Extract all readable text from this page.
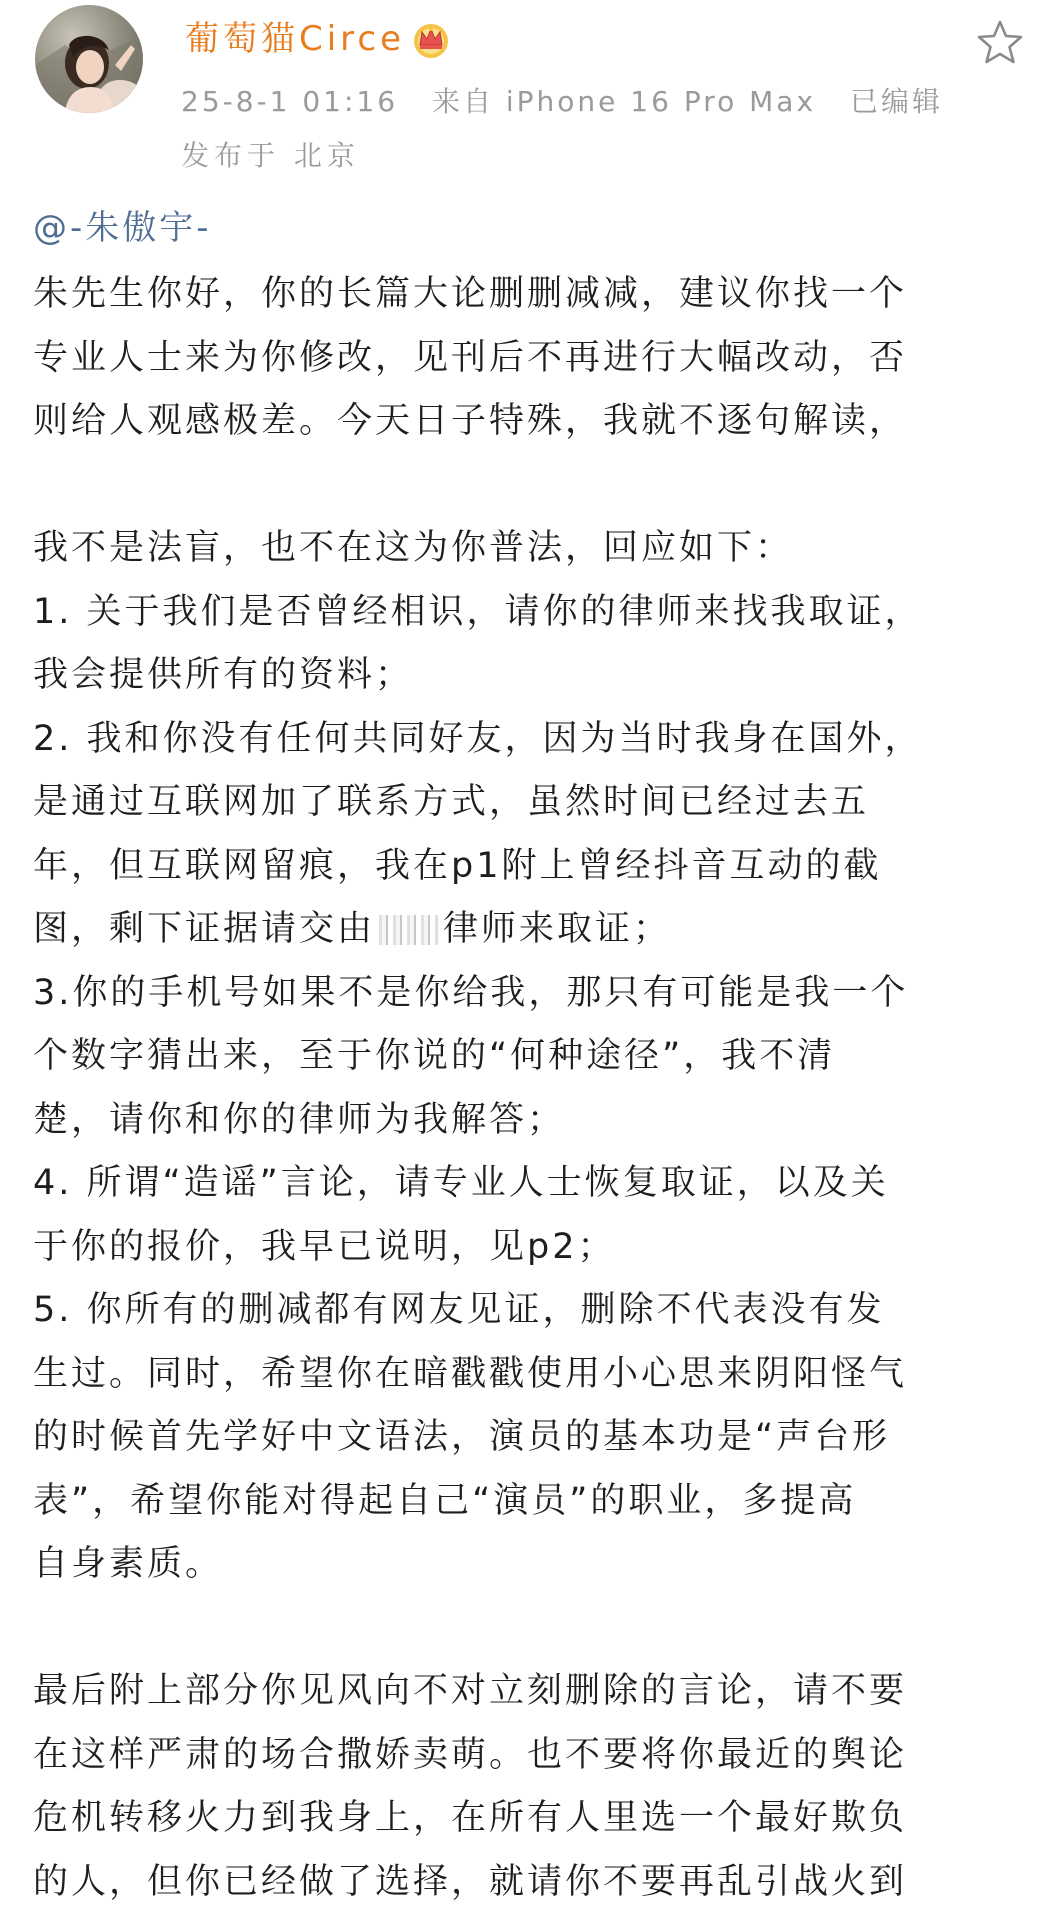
葡萄猫Circe
25-8-1 01:16 来自 iPhone 16 Pro Max 已编辑
发布于 北京
@-朱傲宇-
朱先生你好，你的长篇大论删删减减，建议你找一个
专业人士来为你修改，见刊后不再进行大幅改动，否
则给人观感极差。今天日子特殊，我就不逐句解读，
我不是法盲，也不在这为你普法，回应如下：
1. 关于我们是否曾经相识，请你的律师来找我取证，
我会提供所有的资料；
2. 我和你没有任何共同好友，因为当时我身在国外，
是通过互联网加了联系方式，虽然时间已经过去五
年，但互联网留痕，我在p1附上曾经抖音互动的截
图，剩下证据请交由 律师来取证；
3.你的手机号如果不是你给我，那只有可能是我一个
个数字猜出来，至于你说的“何种途径”，我不清
楚，请你和你的律师为我解答；
4. 所谓“造谣”言论，请专业人士恢复取证，以及关
于你的报价，我早已说明，见p2；
5. 你所有的删减都有网友见证，删除不代表没有发
生过。同时，希望你在暗戳戳使用小心思来阴阳怪气
的时候首先学好中文语法，演员的基本功是“声台形
表”，希望你能对得起自己“演员”的职业，多提高
自身素质。
最后附上部分你见风向不对立刻删除的言论，请不要
在这样严肃的场合撒娇卖萌。也不要将你最近的舆论
危机转移火力到我身上，在所有人里选一个最好欺负
的人，但你已经做了选择，就请你不要再乱引战火到
